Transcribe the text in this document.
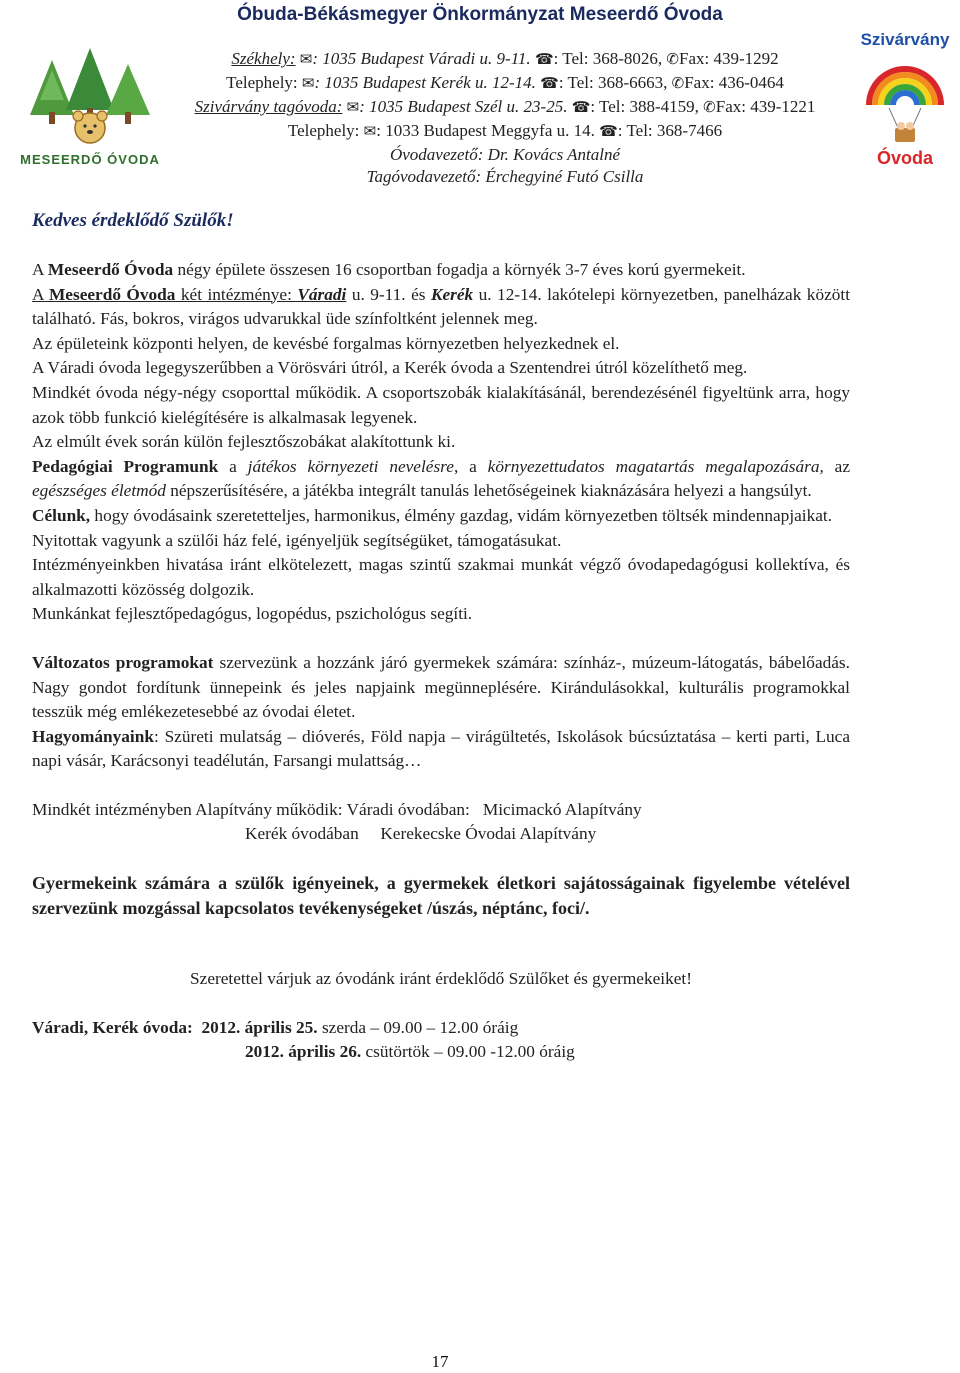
Óbuda-Békásmegyer Önkormányzat Meseerdő Óvoda
Székhely: ✉: 1035 Budapest Váradi u. 9-11. ☎: Tel: 368-8026, ✆Fax: 439-1292
Telephely: ✉: 1035 Budapest Kerék u. 12-14. ☎: Tel: 368-6663, ✆Fax: 436-0464
Szivárvány tagóvoda: ✉: 1035 Budapest Szél u. 23-25. ☎: Tel: 388-4159, ✆Fax: 439-1221
Telephely: ✉: 1033 Budapest Meggyfa u. 14. ☎: Tel: 368-7466
Óvodavezető: Dr. Kovács Antalné
Tagóvodavezető: Érchegyiné Futó Csilla
MESEERDŐ ÓVODA
Szivárvány
Óvoda
Kedves érdeklődő Szülők!

A Meseerdő Óvoda négy épülete összesen 16 csoportban fogadja a környék 3-7 éves korú gyermekeit.

A Meseerdő Óvoda két intézménye: Váradi u. 9-11. és Kerék u. 12-14. lakótelepi környezetben, panelházak között található. Fás, bokros, virágos udvarukkal üde színfoltként jelennek meg.

Az épületeink központi helyen, de kevésbé forgalmas környezetben helyezkednek el.

A Váradi óvoda legegyszerűbben a Vörösvári útról, a Kerék óvoda a Szentendrei útról közelíthető meg.

Mindkét óvoda négy-négy csoporttal működik. A csoportszobák kialakításánál, berendezésénél figyeltünk arra, hogy azok több funkció kielégítésére is alkalmasak legyenek.

Az elmúlt évek során külön fejlesztőszobákat alakítottunk ki.

Pedagógiai Programunk a játékos környezeti nevelésre, a környezettudatos magatartás megalapozására, az egészséges életmód népszerűsítésére, a játékba integrált tanulás lehetőségeinek kiaknázására helyezi a hangsúlyt.

Célunk, hogy óvodásaink szeretetteljes, harmonikus, élmény gazdag, vidám környezetben töltsék mindennapjaikat.

Nyitottak vagyunk a szülői ház felé, igényeljük segítségüket, támogatásukat.

Intézményeinkben hivatása iránt elkötelezett, magas szintű szakmai munkát végző óvodapedagógusi kollektíva, és alkalmazotti közösség dolgozik.

Munkánkat fejlesztőpedagógus, logopédus, pszichológus segíti.

Változatos programokat szervezünk a hozzánk járó gyermekek számára: színház-, múzeum-látogatás, bábelőadás. Nagy gondot fordítunk ünnepeink és jeles napjaink megünneplésére. Kirándulásokkal, kulturális programokkal tesszük még emlékezetesebbé az óvodai életet.

Hagyományaink: Szüreti mulatság – dióverés, Föld napja – virágültetés, Iskolások búcsúztatása – kerti parti, Luca napi vásár, Karácsonyi teadélután, Farsangi mulattság…

Mindkét intézményben Alapítvány működik: Váradi óvodában:   Micimackó Alapítvány

Kerék óvodában     Kerekecske Óvodai Alapítvány

Gyermekeink számára a szülők igényeinek, a gyermekek életkori sajátosságainak figyelembe vételével szervezünk mozgással kapcsolatos tevékenységeket /úszás, néptánc, foci/.

Szeretettel várjuk az óvodánk iránt érdeklődő Szülőket és gyermekeiket!

Váradi, Kerék óvoda: 2012. április 25. szerda – 09.00 – 12.00 óráig
2012. április 26. csütörtök – 09.00 -12.00 óráig
17
